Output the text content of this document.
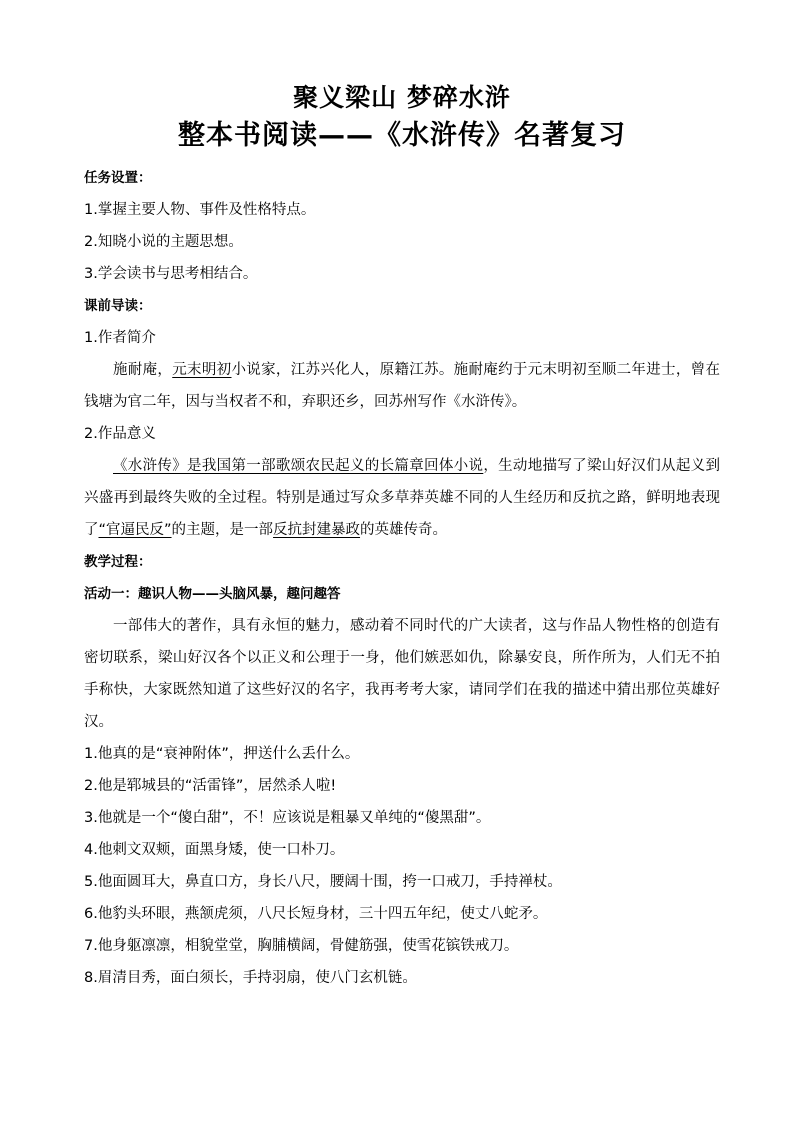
聚义梁山 梦碎水浒
整本书阅读——《水浒传》名著复习
任务设置：
1.掌握主要人物、事件及性格特点。
2.知晓小说的主题思想。
3.学会读书与思考相结合。
课前导读：
1.作者简介

施耐庵，元末明初小说家，江苏兴化人，原籍江苏。施耐庵约于元末明初至顺二年进士，曾在钱塘为官二年，因与当权者不和，弃职还乡，回苏州写作《水浒传》。

2.作品意义

《水浒传》是我国第一部歌颂农民起义的长篇章回体小说，生动地描写了梁山好汉们从起义到兴盛再到最终失败的全过程。特别是通过写众多草莽英雄不同的人生经历和反抗之路，鲜明地表现了“官逼民反”的主题，是一部反抗封建暴政的英雄传奇。

教学过程：
活动一：趣识人物——头脑风暴，趣问趣答

一部伟大的著作，具有永恒的魅力，感动着不同时代的广大读者，这与作品人物性格的创造有密切联系，梁山好汉各个以正义和公理于一身，他们嫉恶如仇，除暴安良，所作所为，人们无不拍手称快，大家既然知道了这些好汉的名字，我再考考大家，请同学们在我的描述中猜出那位英雄好汉。

1.他真的是“衰神附体”，押送什么丢什么。
2.他是郓城县的“活雷锋”，居然杀人啦!
3.他就是一个“傻白甜”，不！应该说是粗暴又单纯的“傻黑甜”。
4.他刺文双颊，面黑身矮，使一口朴刀。
5.他面圆耳大，鼻直口方，身长八尺，腰阔十围，挎一口戒刀，手持禅杖。
6.他豹头环眼，燕颔虎须，八尺长短身材，三十四五年纪，使丈八蛇矛。
7.他身躯凛凛，相貌堂堂，胸脯横阔，骨健筋强，使雪花镔铁戒刀。
8.眉清目秀，面白须长，手持羽扇，使八门玄机链。
